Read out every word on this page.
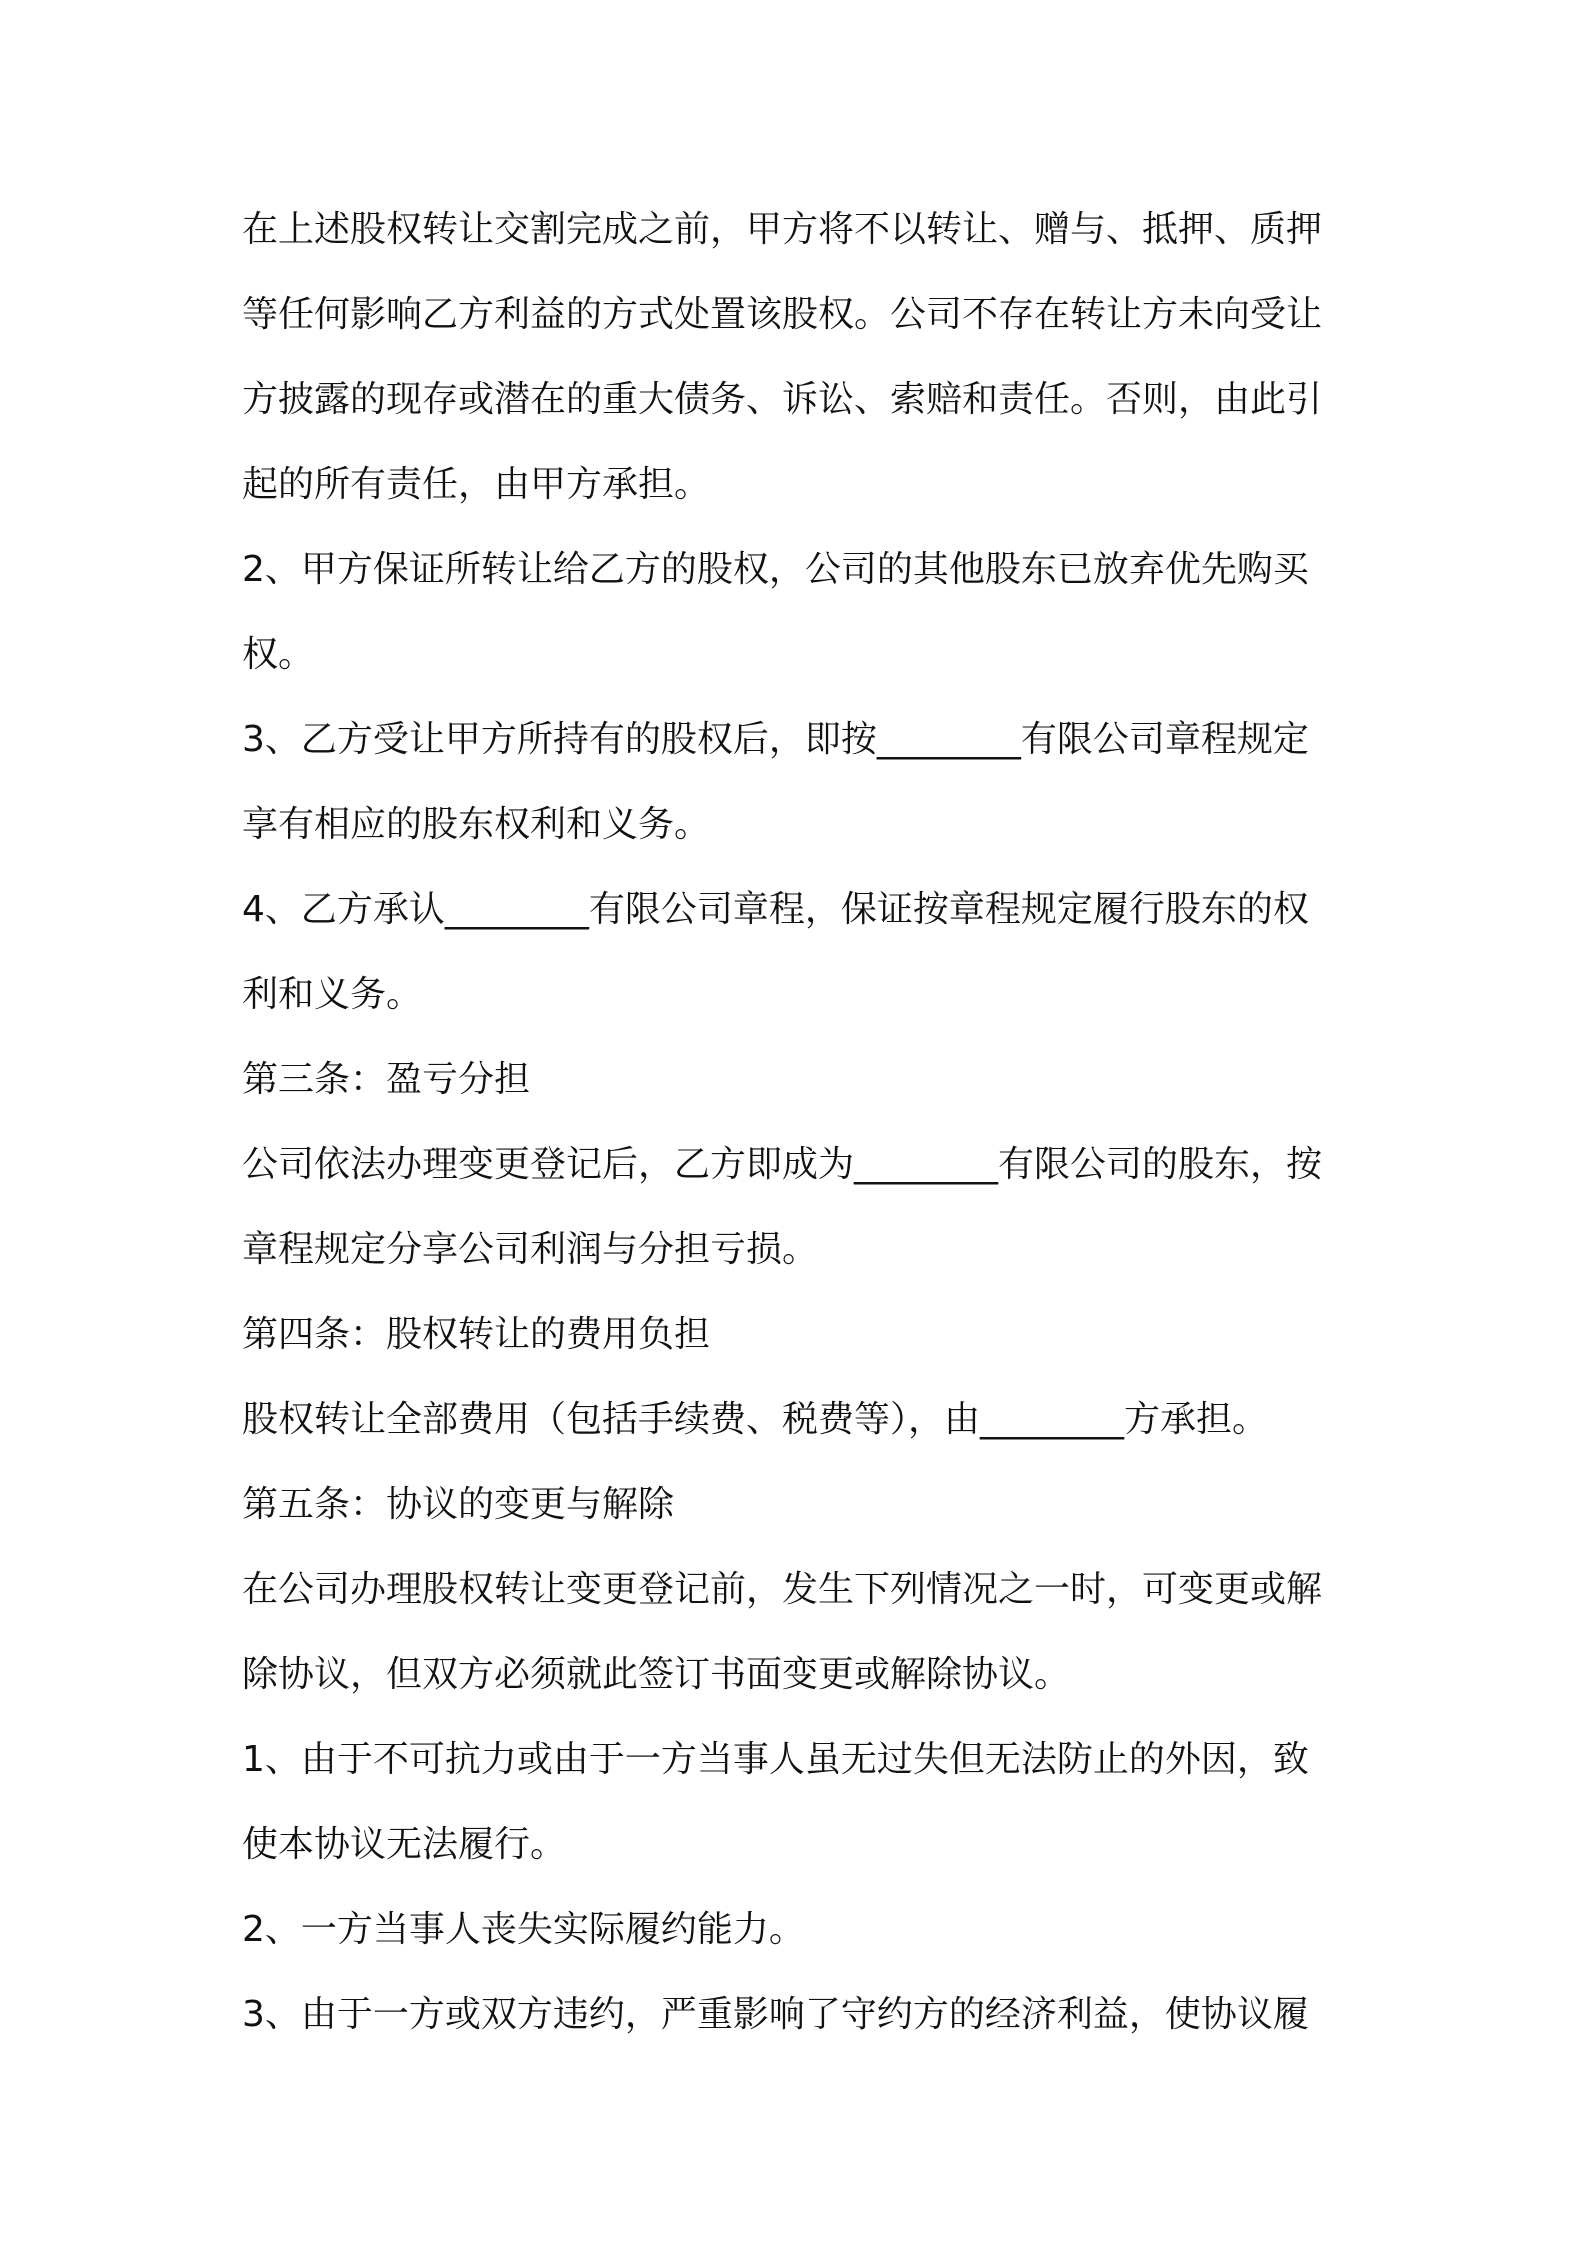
在上述股权转让交割完成之前，甲方将不以转让、赠与、抵押、质押
等任何影响乙方利益的方式处置该股权。公司不存在转让方未向受让
方披露的现存或潜在的重大债务、诉讼、索赔和责任。否则，由此引
起的所有责任，由甲方承担。
2、甲方保证所转让给乙方的股权，公司的其他股东已放弃优先购买
权。
3、乙方受让甲方所持有的股权后，即按________有限公司章程规定
享有相应的股东权利和义务。
4、乙方承认________有限公司章程，保证按章程规定履行股东的权
利和义务。
第三条：盈亏分担
公司依法办理变更登记后，乙方即成为________有限公司的股东，按
章程规定分享公司利润与分担亏损。
第四条：股权转让的费用负担
股权转让全部费用（包括手续费、税费等），由________方承担。
第五条：协议的变更与解除
在公司办理股权转让变更登记前，发生下列情况之一时，可变更或解
除协议，但双方必须就此签订书面变更或解除协议。
1、由于不可抗力或由于一方当事人虽无过失但无法防止的外因，致
使本协议无法履行。
2、一方当事人丧失实际履约能力。
3、由于一方或双方违约，严重影响了守约方的经济利益，使协议履
